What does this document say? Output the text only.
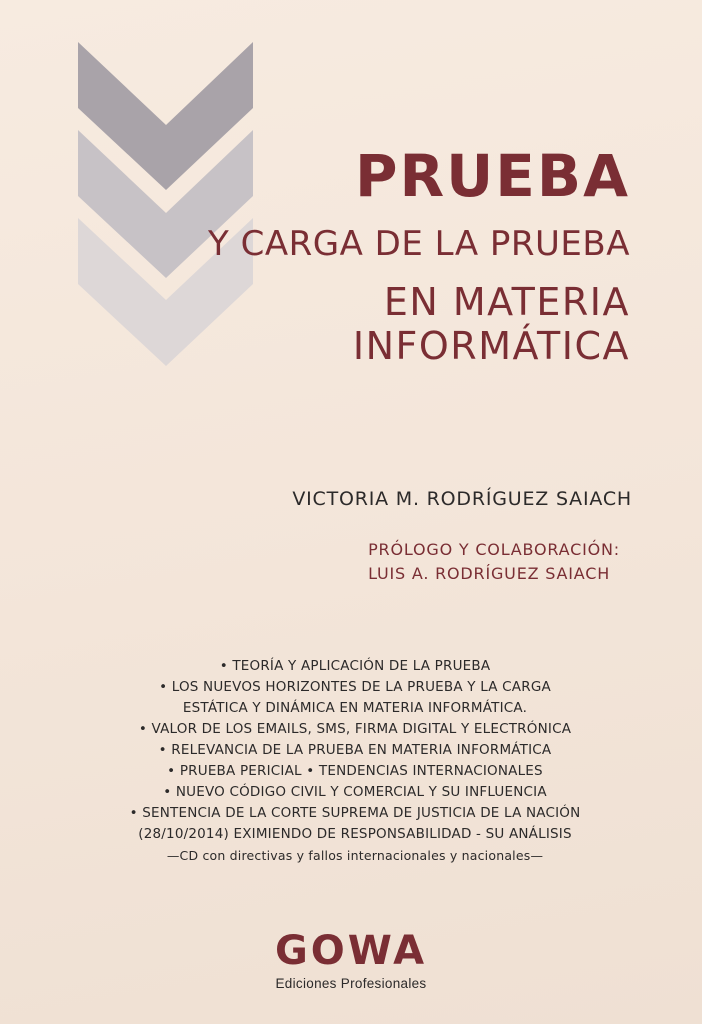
PRUEBA
Y CARGA DE LA PRUEBA
EN MATERIA
INFORMÁTICA
VICTORIA M. RODRÍGUEZ SAIACH
PRÓLOGO Y COLABORACIÓN:
LUIS A. RODRÍGUEZ SAIACH
• TEORÍA Y APLICACIÓN DE LA PRUEBA
• LOS NUEVOS HORIZONTES DE LA PRUEBA Y LA CARGA
ESTÁTICA Y DINÁMICA EN MATERIA INFORMÁTICA.
• VALOR DE LOS EMAILS, SMS, FIRMA DIGITAL Y ELECTRÓNICA
• RELEVANCIA DE LA PRUEBA EN MATERIA INFORMÁTICA
• PRUEBA PERICIAL • TENDENCIAS INTERNACIONALES
• NUEVO CÓDIGO CIVIL Y COMERCIAL Y SU INFLUENCIA
• SENTENCIA DE LA CORTE SUPREMA DE JUSTICIA DE LA NACIÓN
(28/10/2014) EXIMIENDO DE RESPONSABILIDAD - SU ANÁLISIS
—CD con directivas y fallos internacionales y nacionales—
GOWA
Ediciones Profesionales
